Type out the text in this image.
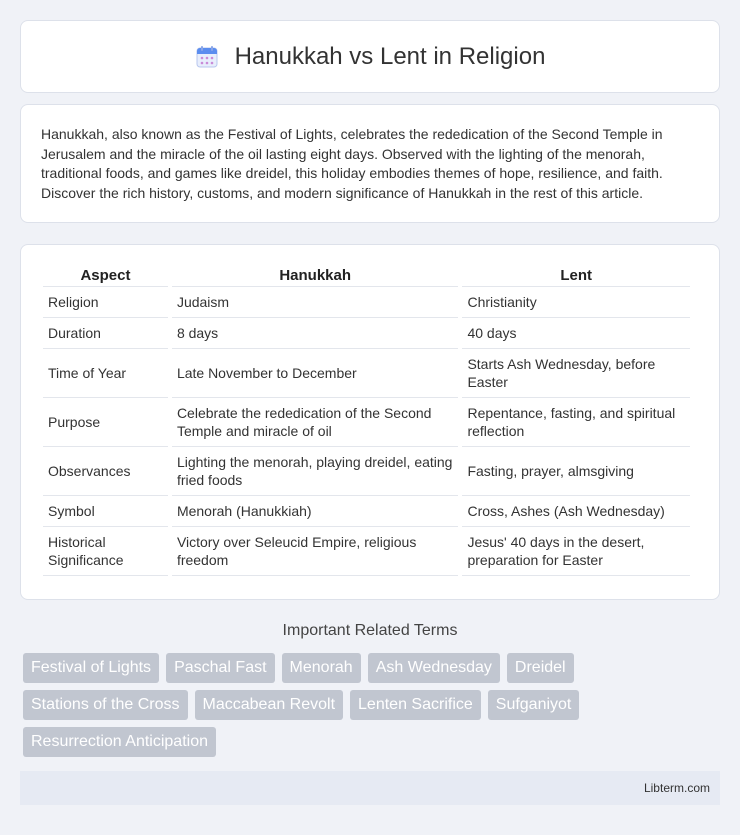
Hanukkah vs Lent in Religion

Hanukkah, also known as the Festival of Lights, celebrates the rededication of the Second Temple in Jerusalem and the miracle of the oil lasting eight days. Observed with the lighting of the menorah, traditional foods, and games like dreidel, this holiday embodies themes of hope, resilience, and faith. Discover the rich history, customs, and modern significance of Hanukkah in the rest of this article.

Aspect	Hanukkah	Lent
Religion	Judaism	Christianity
Duration	8 days	40 days
Time of Year	Late November to December	Starts Ash Wednesday, before Easter
Purpose	Celebrate the rededication of the Second Temple and miracle of oil	Repentance, fasting, and spiritual reflection
Observances	Lighting the menorah, playing dreidel, eating fried foods	Fasting, prayer, almsgiving
Symbol	Menorah (Hanukkiah)	Cross, Ashes (Ash Wednesday)
Historical Significance	Victory over Seleucid Empire, religious freedom	Jesus' 40 days in the desert, preparation for Easter
Important Related Terms
Festival of Lights	Paschal Fast	Menorah	Ash Wednesday	Dreidel
Stations of the Cross	Maccabean Revolt	Lenten Sacrifice	Sufganiyot
Resurrection Anticipation
Libterm.com
